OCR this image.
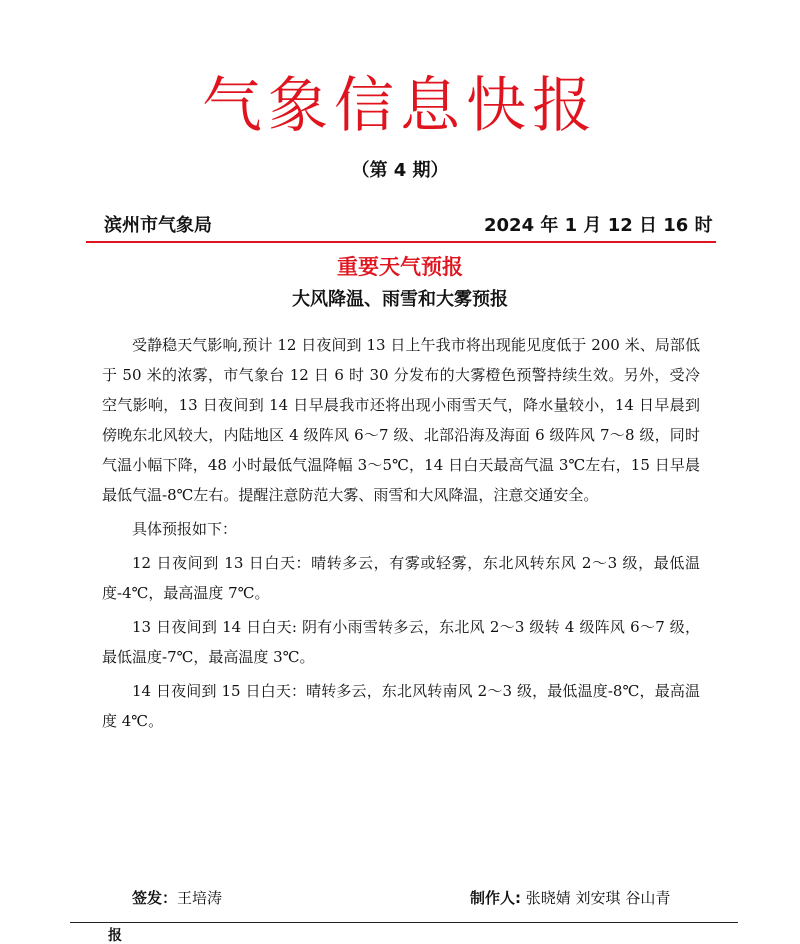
气象信息快报
（第 4 期）
滨州市气象局	2024 年 1 月 12 日 16 时
重要天气预报
大风降温、雨雪和大雾预报

受静稳天气影响,预计 12 日夜间到 13 日上午我市将出现能见度低于 200 米、局部低于 50 米的浓雾，市气象台 12 日 6 时 30 分发布的大雾橙色预警持续生效。另外，受冷空气影响，13 日夜间到 14 日早晨我市还将出现小雨雪天气，降水量较小，14 日早晨到傍晚东北风较大，内陆地区 4 级阵风 6～7 级、北部沿海及海面 6 级阵风 7～8 级，同时气温小幅下降，48 小时最低气温降幅 3～5℃，14 日白天最高气温 3℃左右，15 日早晨最低气温-8℃左右。提醒注意防范大雾、雨雪和大风降温，注意交通安全。

具体预报如下：

12 日夜间到 13 日白天：晴转多云，有雾或轻雾，东北风转东风 2～3 级，最低温度-4℃，最高温度 7℃。

13 日夜间到 14 日白天: 阴有小雨雪转多云，东北风 2～3 级转 4 级阵风 6～7 级，最低温度-7℃，最高温度 3℃。

14 日夜间到 15 日白天：晴转多云，东北风转南风 2～3 级，最低温度-8℃，最高温度 4℃。

签发：王培涛	制作人: 张晓婧 刘安琪 谷山青
报
